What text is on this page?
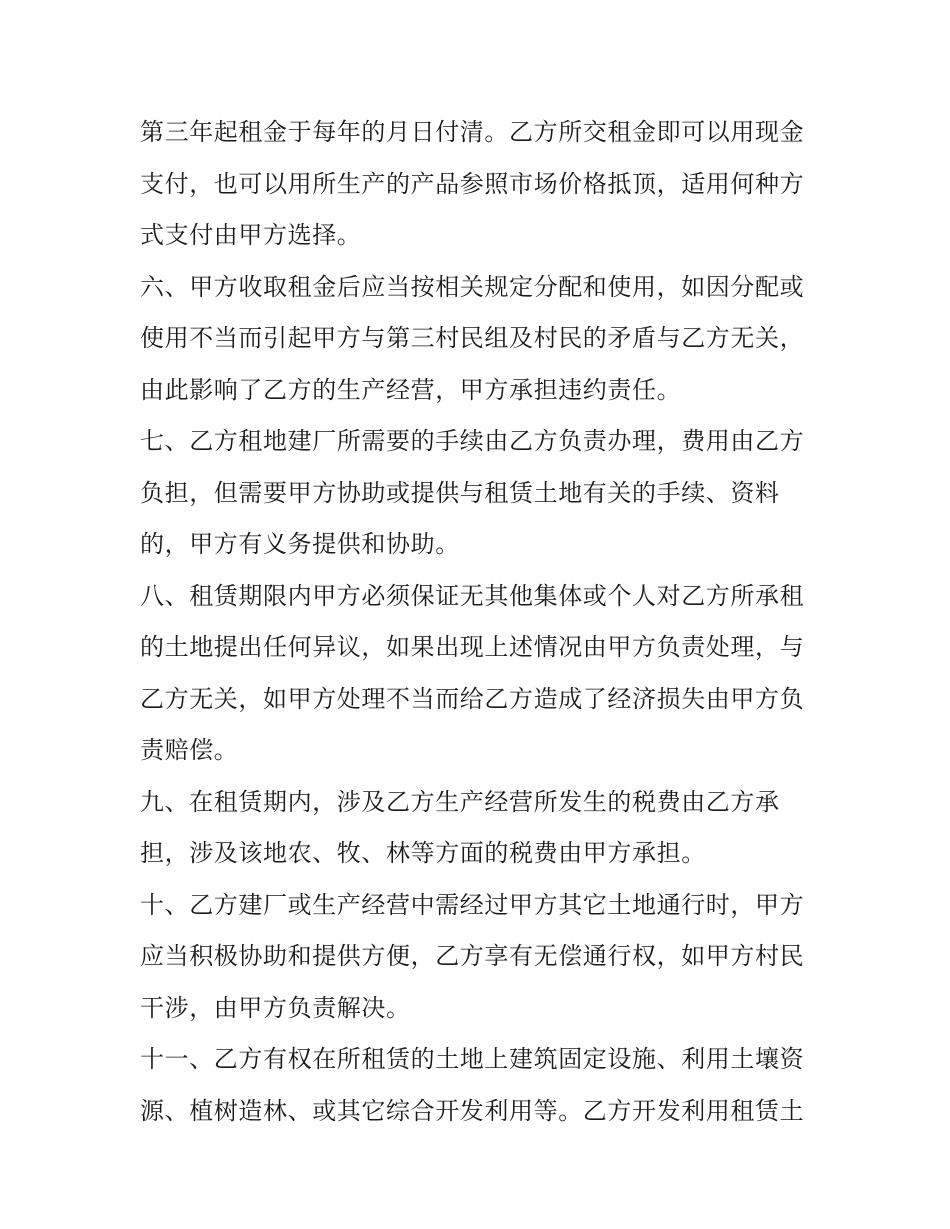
第三年起租金于每年的月日付清。乙方所交租金即可以用现金
支付，也可以用所生产的产品参照市场价格抵顶，适用何种方
式支付由甲方选择。
六、甲方收取租金后应当按相关规定分配和使用，如因分配或
使用不当而引起甲方与第三村民组及村民的矛盾与乙方无关，
由此影响了乙方的生产经营，甲方承担违约责任。
七、乙方租地建厂所需要的手续由乙方负责办理，费用由乙方
负担，但需要甲方协助或提供与租赁土地有关的手续、资料
的，甲方有义务提供和协助。
八、租赁期限内甲方必须保证无其他集体或个人对乙方所承租
的土地提出任何异议，如果出现上述情况由甲方负责处理，与
乙方无关，如甲方处理不当而给乙方造成了经济损失由甲方负
责赔偿。
九、在租赁期内，涉及乙方生产经营所发生的税费由乙方承
担，涉及该地农、牧、林等方面的税费由甲方承担。
十、乙方建厂或生产经营中需经过甲方其它土地通行时，甲方
应当积极协助和提供方便，乙方享有无偿通行权，如甲方村民
干涉，由甲方负责解决。
十一、乙方有权在所租赁的土地上建筑固定设施、利用土壤资
源、植树造林、或其它综合开发利用等。乙方开发利用租赁土
